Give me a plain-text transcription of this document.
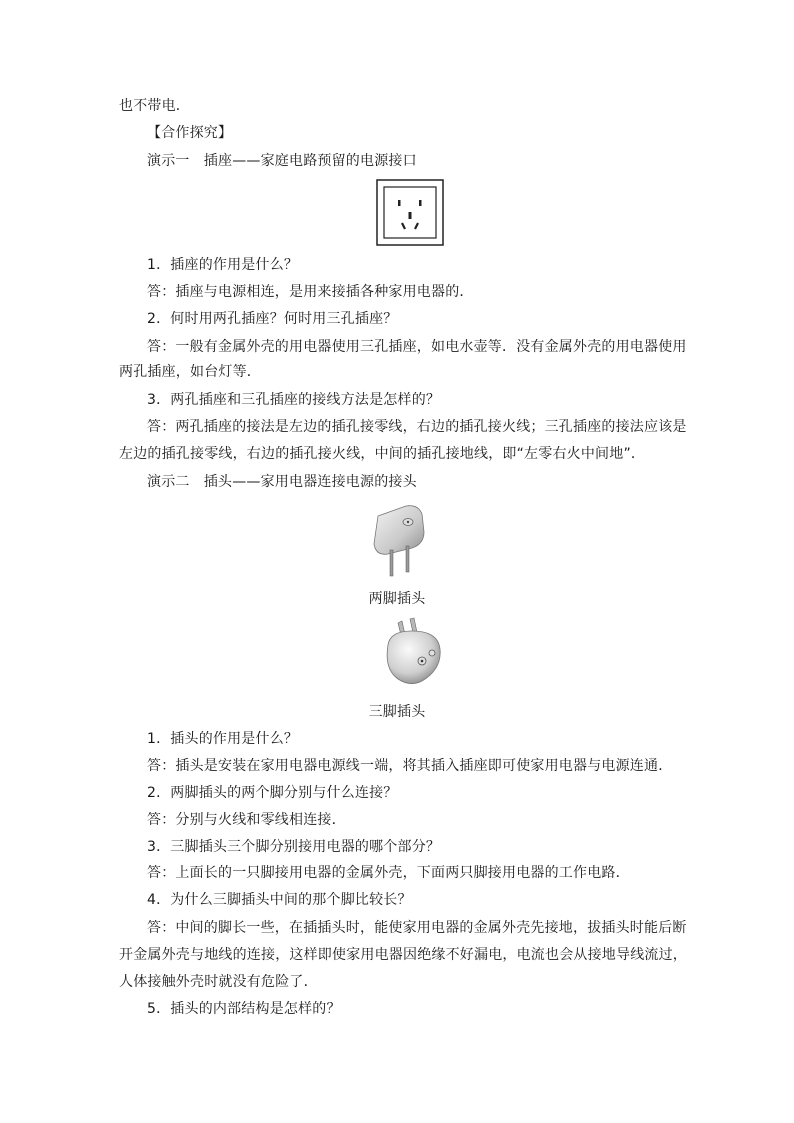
也不带电．
【合作探究】
演示一　插座——家庭电路预留的电源接口
1．插座的作用是什么？
答：插座与电源相连，是用来接插各种家用电器的．
2．何时用两孔插座？何时用三孔插座？
答：一般有金属外壳的用电器使用三孔插座，如电水壶等．没有金属外壳的用电器使用
两孔插座，如台灯等．
3．两孔插座和三孔插座的接线方法是怎样的？
答：两孔插座的接法是左边的插孔接零线，右边的插孔接火线；三孔插座的接法应该是
左边的插孔接零线，右边的插孔接火线，中间的插孔接地线，即“左零右火中间地”．
演示二　插头——家用电器连接电源的接头
两脚插头
三脚插头
1．插头的作用是什么？
答：插头是安装在家用电器电源线一端，将其插入插座即可使家用电器与电源连通．
2．两脚插头的两个脚分别与什么连接？
答：分别与火线和零线相连接．
3．三脚插头三个脚分别接用电器的哪个部分？
答：上面长的一只脚接用电器的金属外壳，下面两只脚接用电器的工作电路．
4．为什么三脚插头中间的那个脚比较长？
答：中间的脚长一些，在插插头时，能使家用电器的金属外壳先接地，拔插头时能后断
开金属外壳与地线的连接，这样即使家用电器因绝缘不好漏电，电流也会从接地导线流过，
人体接触外壳时就没有危险了．
5．插头的内部结构是怎样的？
